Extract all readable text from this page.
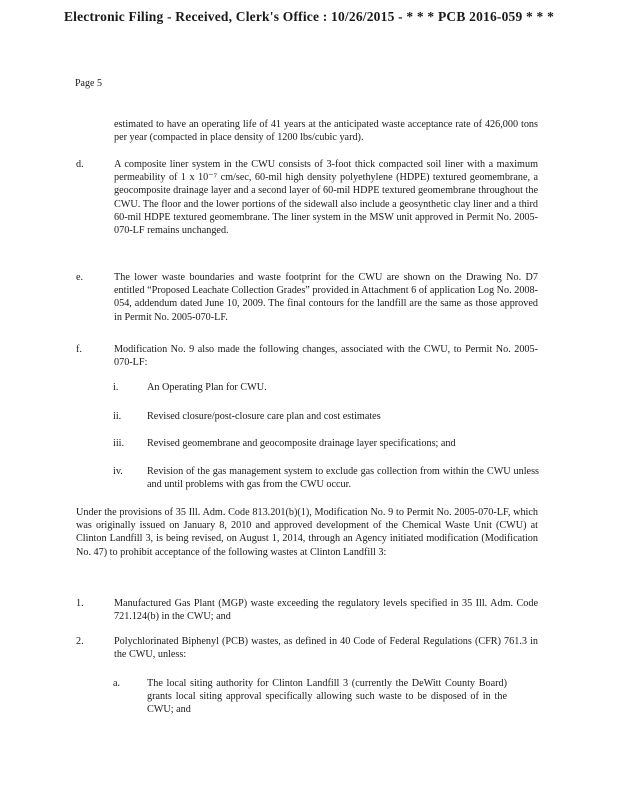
Electronic Filing - Received, Clerk's Office : 10/26/2015 - * * * PCB 2016-059 * * *
Page 5
estimated to have an operating life of 41 years at the anticipated waste acceptance rate of 426,000 tons per year (compacted in place density of 1200 lbs/cubic yard).
d.	A composite liner system in the CWU consists of 3-foot thick compacted soil liner with a maximum permeability of 1 x 10⁻⁷ cm/sec, 60-mil high density polyethylene (HDPE) textured geomembrane, a geocomposite drainage layer and a second layer of 60-mil HDPE textured geomembrane throughout the CWU. The floor and the lower portions of the sidewall also include a geosynthetic clay liner and a third 60-mil HDPE textured geomembrane. The liner system in the MSW unit approved in Permit No. 2005-070-LF remains unchanged.
e.	The lower waste boundaries and waste footprint for the CWU are shown on the Drawing No. D7 entitled “Proposed Leachate Collection Grades” provided in Attachment 6 of application Log No. 2008-054, addendum dated June 10, 2009. The final contours for the landfill are the same as those approved in Permit No. 2005-070-LF.
f.	Modification No. 9 also made the following changes, associated with the CWU, to Permit No. 2005-070-LF:
i.	An Operating Plan for CWU.
ii.	Revised closure/post-closure care plan and cost estimates
iii. Revised geomembrane and geocomposite drainage layer specifications; and
iv. Revision of the gas management system to exclude gas collection from within the CWU unless and until problems with gas from the CWU occur.
Under the provisions of 35 Ill. Adm. Code 813.201(b)(1), Modification No. 9 to Permit No. 2005-070-LF, which was originally issued on January 8, 2010 and approved development of the Chemical Waste Unit (CWU) at Clinton Landfill 3, is being revised, on August 1, 2014, through an Agency initiated modification (Modification No. 47) to prohibit acceptance of the following wastes at Clinton Landfill 3:
1.	Manufactured Gas Plant (MGP) waste exceeding the regulatory levels specified in 35 Ill. Adm. Code 721.124(b) in the CWU; and
2.	Polychlorinated Biphenyl (PCB) wastes, as defined in 40 Code of Federal Regulations (CFR) 761.3 in the CWU, unless:
a.	The local siting authority for Clinton Landfill 3 (currently the DeWitt County Board) grants local siting approval specifically allowing such waste to be disposed of in the CWU; and
